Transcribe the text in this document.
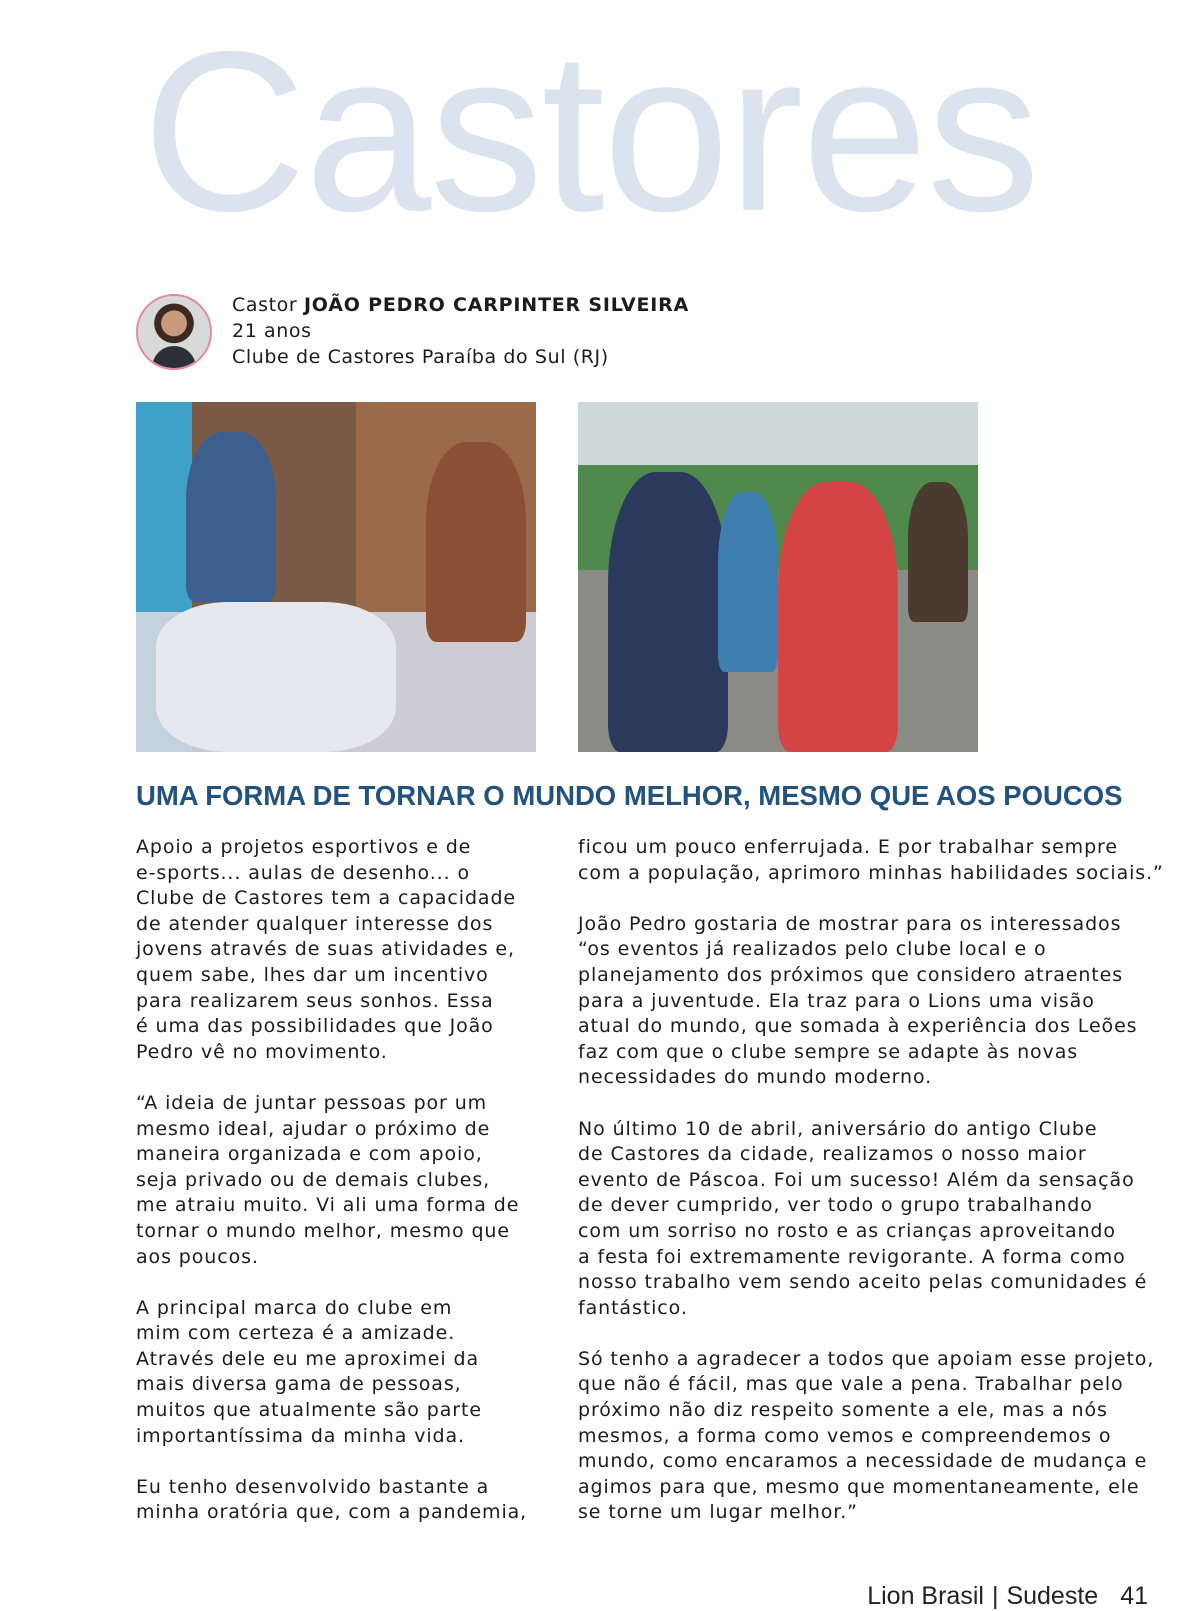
Castores
Castor JOÃO PEDRO CARPINTER SILVEIRA
21 anos
Clube de Castores Paraíba do Sul (RJ)
UMA FORMA DE TORNAR O MUNDO MELHOR, MESMO QUE AOS POUCOS

Apoio a projetos esportivos e de
e-sports... aulas de desenho... o
Clube de Castores tem a capacidade
de atender qualquer interesse dos
jovens através de suas atividades e,
quem sabe, lhes dar um incentivo
para realizarem seus sonhos. Essa
é uma das possibilidades que João
Pedro vê no movimento.

“A ideia de juntar pessoas por um
mesmo ideal, ajudar o próximo de
maneira organizada e com apoio,
seja privado ou de demais clubes,
me atraiu muito. Vi ali uma forma de
tornar o mundo melhor, mesmo que
aos poucos.

A principal marca do clube em
mim com certeza é a amizade.
Através dele eu me aproximei da
mais diversa gama de pessoas,
muitos que atualmente são parte
importantíssima da minha vida.

Eu tenho desenvolvido bastante a
minha oratória que, com a pandemia,

ficou um pouco enferrujada. E por trabalhar sempre
com a população, aprimoro minhas habilidades sociais.”

João Pedro gostaria de mostrar para os interessados
“os eventos já realizados pelo clube local e o
planejamento dos próximos que considero atraentes
para a juventude. Ela traz para o Lions uma visão
atual do mundo, que somada à experiência dos Leões
faz com que o clube sempre se adapte às novas
necessidades do mundo moderno.

No último 10 de abril, aniversário do antigo Clube
de Castores da cidade, realizamos o nosso maior
evento de Páscoa. Foi um sucesso! Além da sensação
de dever cumprido, ver todo o grupo trabalhando
com um sorriso no rosto e as crianças aproveitando
a festa foi extremamente revigorante. A forma como
nosso trabalho vem sendo aceito pelas comunidades é
fantástico.

Só tenho a agradecer a todos que apoiam esse projeto,
que não é fácil, mas que vale a pena. Trabalhar pelo
próximo não diz respeito somente a ele, mas a nós
mesmos, a forma como vemos e compreendemos o
mundo, como encaramos a necessidade de mudança e
agimos para que, mesmo que momentaneamente, ele
se torne um lugar melhor.”

Lion Brasil | Sudeste 41
